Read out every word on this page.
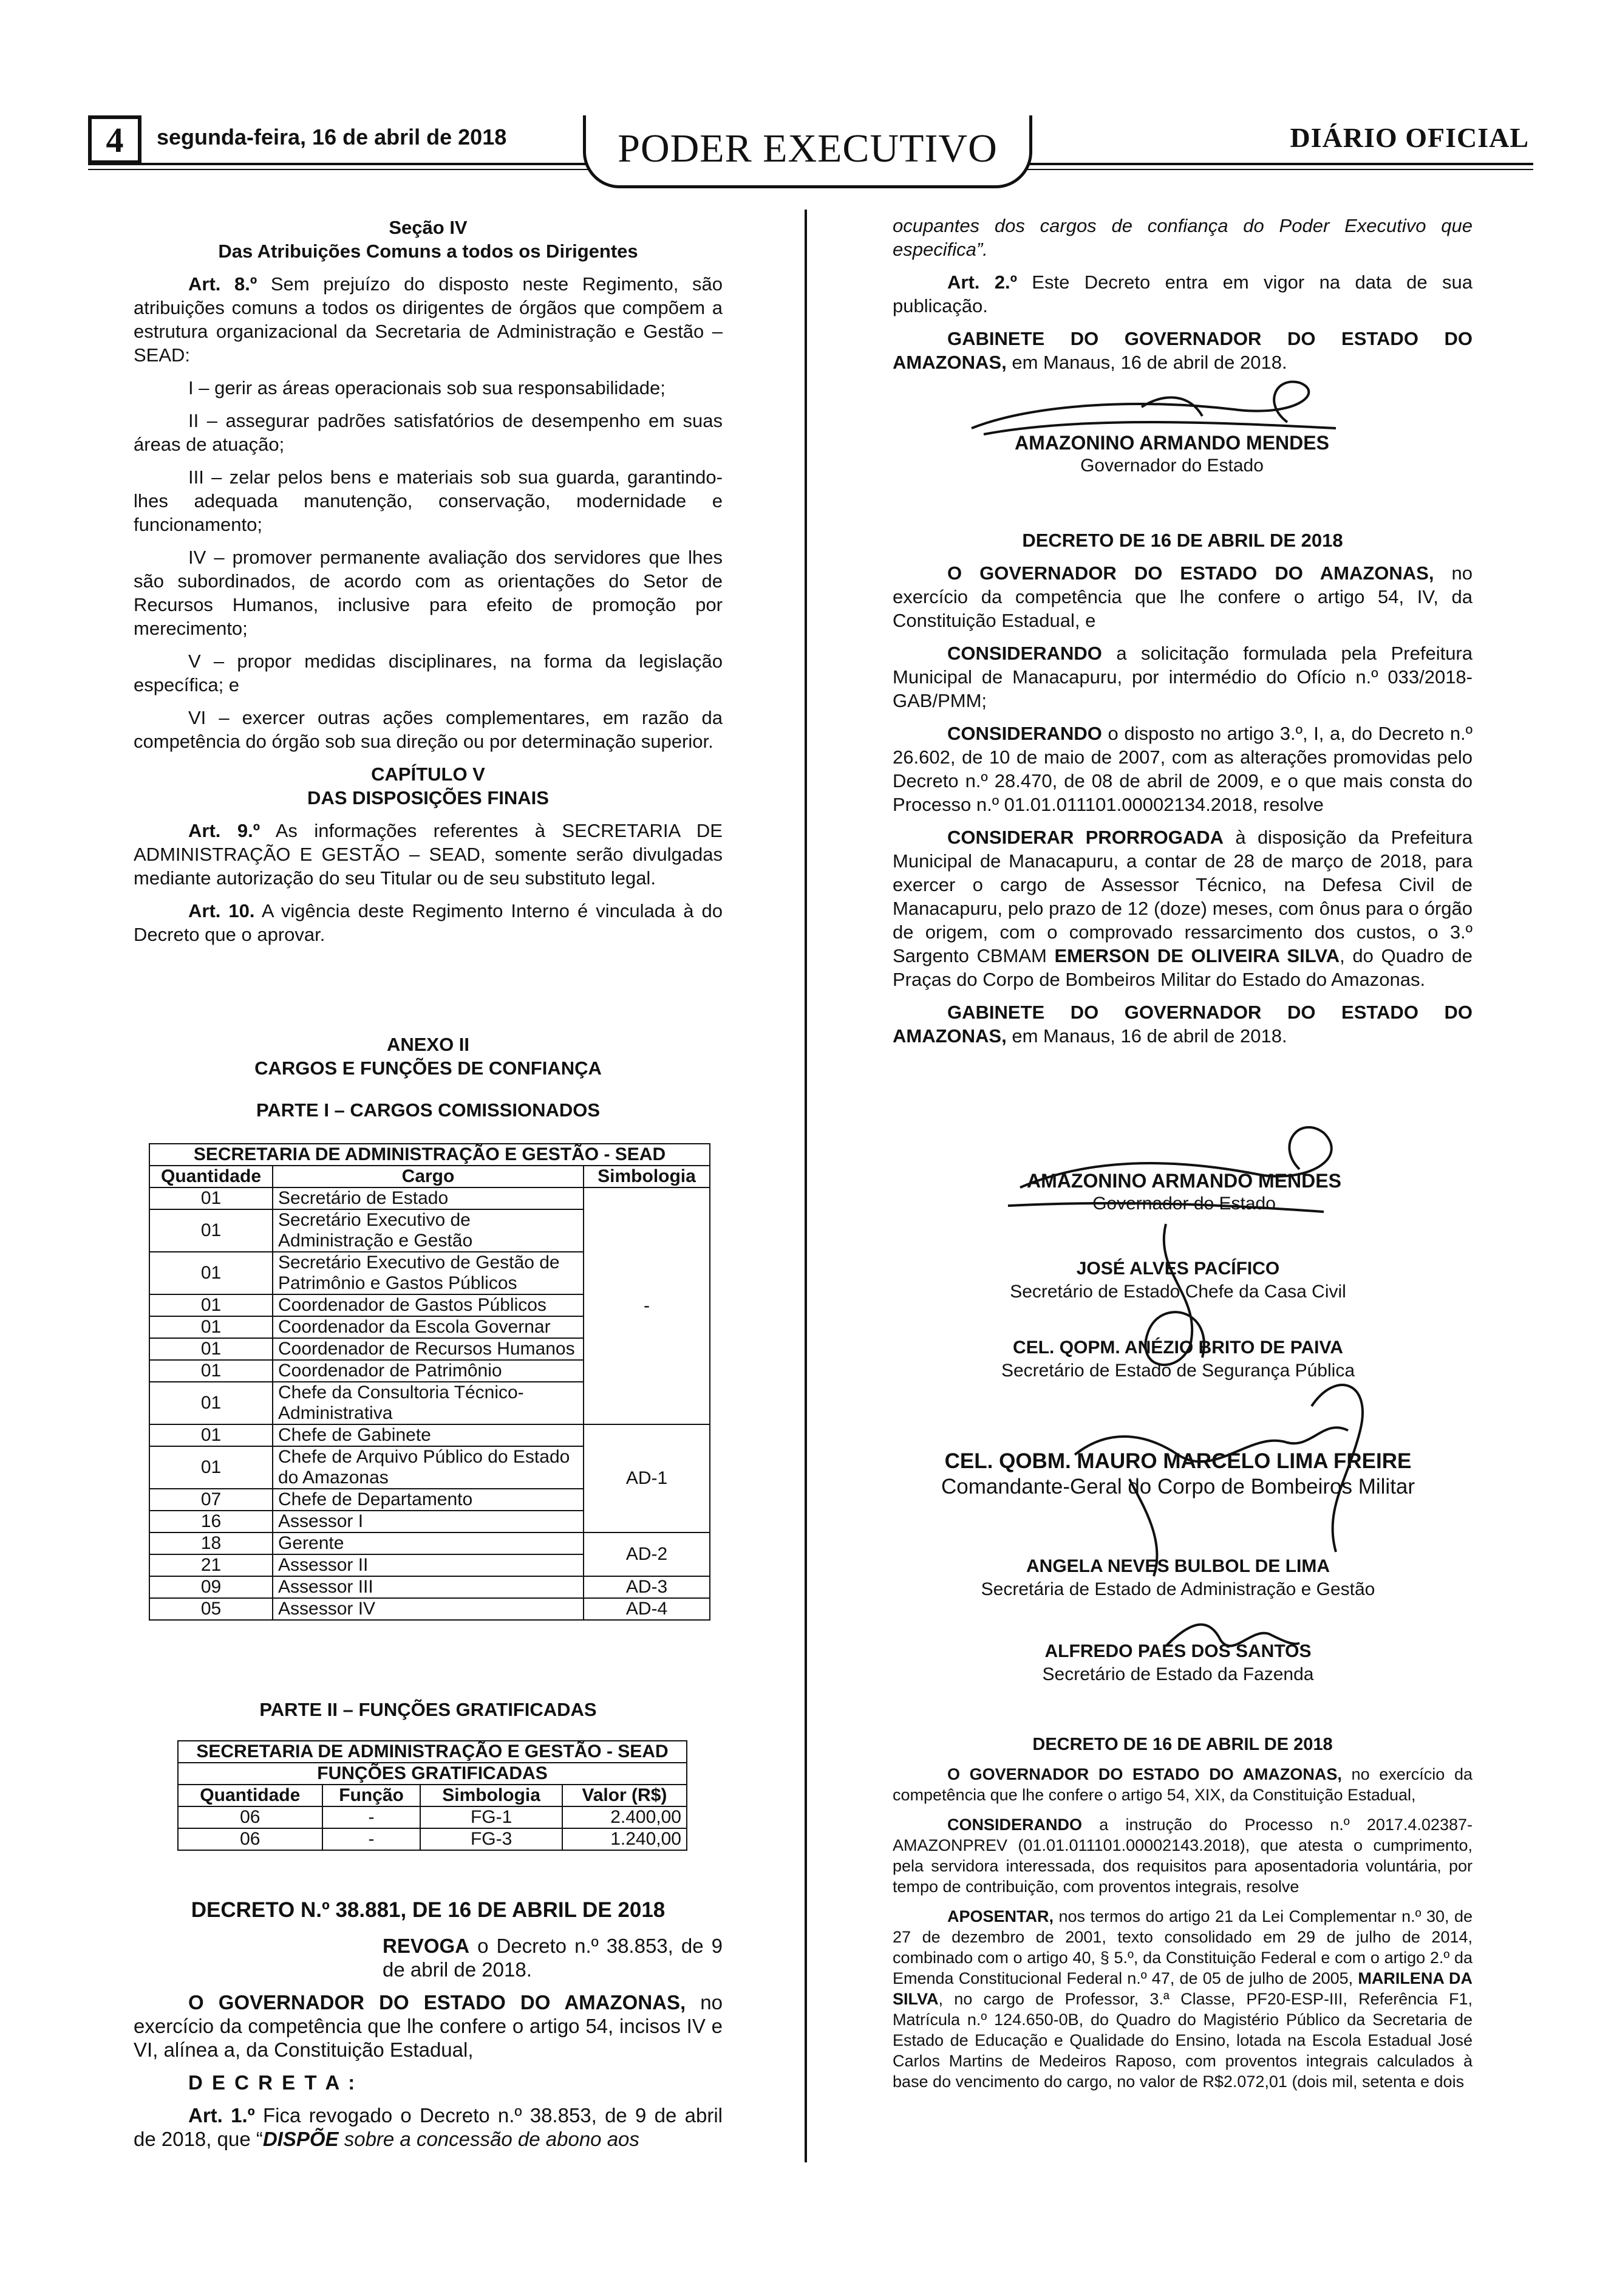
4	segunda-feira, 16 de abril de 2018	PODER EXECUTIVO	DIÁRIO OFICIAL

Seção IV

Das Atribuições Comuns a todos os Dirigentes

Art. 8.º Sem prejuízo do disposto neste Regimento, são atribuições comuns a todos os dirigentes de órgãos que compõem a estrutura organizacional da Secretaria de Administração e Gestão – SEAD:

I – gerir as áreas operacionais sob sua responsabilidade;

II – assegurar padrões satisfatórios de desempenho em suas áreas de atuação;

III – zelar pelos bens e materiais sob sua guarda, garantindo-lhes adequada manutenção, conservação, modernidade e funcionamento;

IV – promover permanente avaliação dos servidores que lhes são subordinados, de acordo com as orientações do Setor de Recursos Humanos, inclusive para efeito de promoção por merecimento;

V – propor medidas disciplinares, na forma da legislação específica; e

VI – exercer outras ações complementares, em razão da competência do órgão sob sua direção ou por determinação superior.

CAPÍTULO V

DAS DISPOSIÇÕES FINAIS

Art. 9.º As informações referentes à SECRETARIA DE ADMINISTRAÇÃO E GESTÃO – SEAD, somente serão divulgadas mediante autorização do seu Titular ou de seu substituto legal.

Art. 10. A vigência deste Regimento Interno é vinculada à do Decreto que o aprovar.

ANEXO II

CARGOS E FUNÇÕES DE CONFIANÇA

PARTE I – CARGOS COMISSIONADOS

SECRETARIA DE ADMINISTRAÇÃO E GESTÃO - SEAD		
Quantidade	Cargo	Simbologia
01	Secretário de Estado	-
01	Secretário Executivo de Administração e Gestão	
01	Secretário Executivo de Gestão de Patrimônio e Gastos Públicos	
01	Coordenador de Gastos Públicos	
01	Coordenador da Escola Governar	
01	Coordenador de Recursos Humanos	
01	Coordenador de Patrimônio	
01	Chefe da Consultoria Técnico-Administrativa	
01	Chefe de Gabinete	AD-1
01	Chefe de Arquivo Público do Estado do Amazonas	
07	Chefe de Departamento	
16	Assessor I	
18	Gerente	AD-2
21	Assessor II	
09	Assessor III	AD-3
05	Assessor IV	AD-4

PARTE II – FUNÇÕES GRATIFICADAS

SECRETARIA DE ADMINISTRAÇÃO E GESTÃO - SEAD			
FUNÇÕES GRATIFICADAS			
Quantidade	Função	Simbologia	Valor (R$)
06	-	FG-1	2.400,00
06	-	FG-3	1.240,00

DECRETO N.º 38.881, DE 16 DE ABRIL DE 2018

REVOGA o Decreto n.º 38.853, de 9 de abril de 2018.

O GOVERNADOR DO ESTADO DO AMAZONAS, no exercício da competência que lhe confere o artigo 54, incisos IV e VI, alínea a, da Constituição Estadual,

D E C R E T A :

Art. 1.º Fica revogado o Decreto n.º 38.853, de 9 de abril de 2018, que “DISPÕE sobre a concessão de abono aos

ocupantes dos cargos de confiança do Poder Executivo que especifica”.

Art. 2.º Este Decreto entra em vigor na data de sua publicação.

GABINETE DO GOVERNADOR DO ESTADO DO AMAZONAS, em Manaus, 16 de abril de 2018.

AMAZONINO ARMANDO MENDES
Governador do Estado

DECRETO DE 16 DE ABRIL DE 2018

O GOVERNADOR DO ESTADO DO AMAZONAS, no exercício da competência que lhe confere o artigo 54, IV, da Constituição Estadual, e

CONSIDERANDO a solicitação formulada pela Prefeitura Municipal de Manacapuru, por intermédio do Ofício n.º 033/2018-GAB/PMM;

CONSIDERANDO o disposto no artigo 3.º, I, a, do Decreto n.º 26.602, de 10 de maio de 2007, com as alterações promovidas pelo Decreto n.º 28.470, de 08 de abril de 2009, e o que mais consta do Processo n.º 01.01.011101.00002134.2018, resolve

CONSIDERAR PRORROGADA à disposição da Prefeitura Municipal de Manacapuru, a contar de 28 de março de 2018, para exercer o cargo de Assessor Técnico, na Defesa Civil de Manacapuru, pelo prazo de 12 (doze) meses, com ônus para o órgão de origem, com o comprovado ressarcimento dos custos, o 3.º Sargento CBMAM EMERSON DE OLIVEIRA SILVA, do Quadro de Praças do Corpo de Bombeiros Militar do Estado do Amazonas.

GABINETE DO GOVERNADOR DO ESTADO DO AMAZONAS, em Manaus, 16 de abril de 2018.

AMAZONINO ARMANDO MENDES
Governador do Estado
JOSÉ ALVES PACÍFICO
Secretário de Estado Chefe da Casa Civil
CEL. QOPM. ANÉZIO BRITO DE PAIVA
Secretário de Estado de Segurança Pública
CEL. QOBM. MAURO MARCELO LIMA FREIRE
Comandante-Geral do Corpo de Bombeiros Militar
ANGELA NEVES BULBOL DE LIMA
Secretária de Estado de Administração e Gestão
ALFREDO PAES DOS SANTOS
Secretário de Estado da Fazenda

DECRETO DE 16 DE ABRIL DE 2018

O GOVERNADOR DO ESTADO DO AMAZONAS, no exercício da competência que lhe confere o artigo 54, XIX, da Constituição Estadual,

CONSIDERANDO a instrução do Processo n.º 2017.4.02387-AMAZONPREV (01.01.011101.00002143.2018), que atesta o cumprimento, pela servidora interessada, dos requisitos para aposentadoria voluntária, por tempo de contribuição, com proventos integrais, resolve

APOSENTAR, nos termos do artigo 21 da Lei Complementar n.º 30, de 27 de dezembro de 2001, texto consolidado em 29 de julho de 2014, combinado com o artigo 40, § 5.º, da Constituição Federal e com o artigo 2.º da Emenda Constitucional Federal n.º 47, de 05 de julho de 2005, MARILENA DA SILVA, no cargo de Professor, 3.ª Classe, PF20-ESP-III, Referência F1, Matrícula n.º 124.650-0B, do Quadro do Magistério Público da Secretaria de Estado de Educação e Qualidade do Ensino, lotada na Escola Estadual José Carlos Martins de Medeiros Raposo, com proventos integrais calculados à base do vencimento do cargo, no valor de R$2.072,01 (dois mil, setenta e dois
